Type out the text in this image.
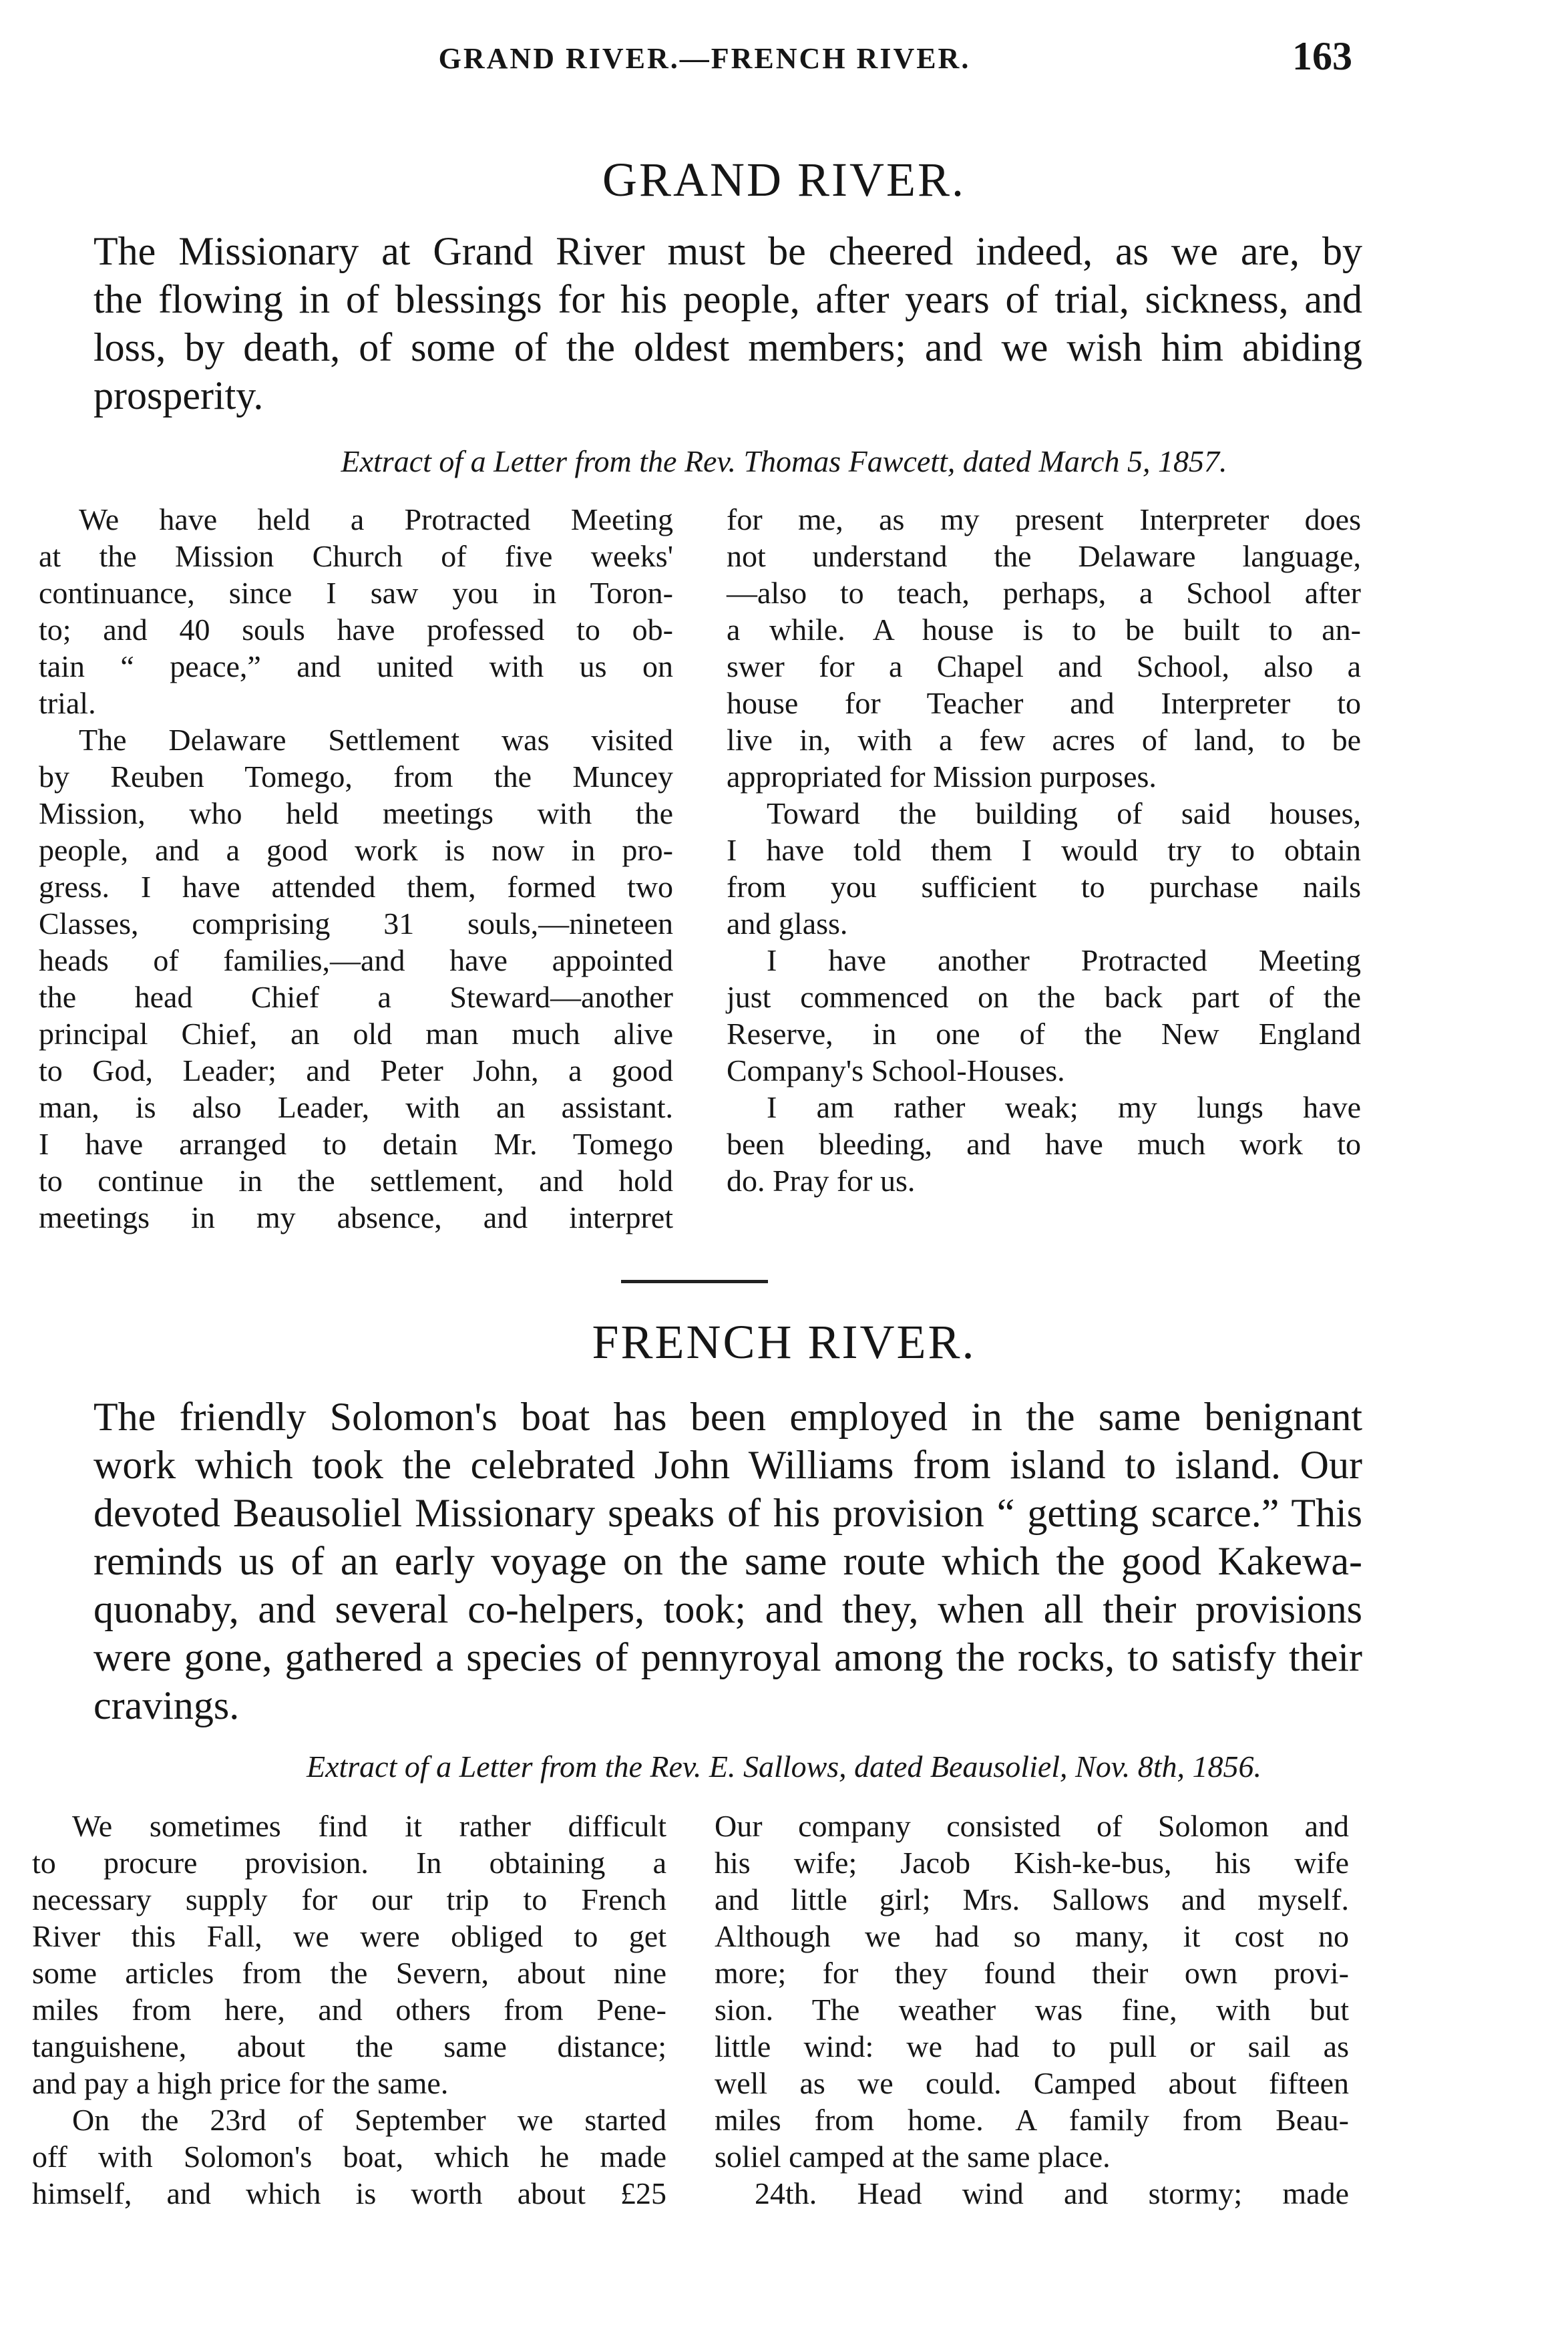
GRAND RIVER.—FRENCH RIVER.	163
GRAND RIVER.
The Missionary at Grand River must be cheered indeed, as we are, by
the flowing in of blessings for his people, after years of trial, sickness, and
loss, by death, of some of the oldest members; and we wish him abiding
prosperity.
Extract of a Letter from the Rev. Thomas Fawcett, dated March 5, 1857.
We have held a Protracted Meeting
at the Mission Church of five weeks'
continuance, since I saw you in Toron-
to; and 40 souls have professed to ob-
tain “ peace,” and united with us on
trial.
The Delaware Settlement was visited
by Reuben Tomego, from the Muncey
Mission, who held meetings with the
people, and a good work is now in pro-
gress. I have attended them, formed two
Classes, comprising 31 souls,—nineteen
heads of families,—and have appointed
the head Chief a Steward—another
principal Chief, an old man much alive
to God, Leader; and Peter John, a good
man, is also Leader, with an assistant.
I have arranged to detain Mr. Tomego
to continue in the settlement, and hold
meetings in my absence, and interpret
for me, as my present Interpreter does
not understand the Delaware language,
—also to teach, perhaps, a School after
a while. A house is to be built to an-
swer for a Chapel and School, also a
house for Teacher and Interpreter to
live in, with a few acres of land, to be
appropriated for Mission purposes.
Toward the building of said houses,
I have told them I would try to obtain
from you sufficient to purchase nails
and glass.
I have another Protracted Meeting
just commenced on the back part of the
Reserve, in one of the New England
Company's School-Houses.
I am rather weak; my lungs have
been bleeding, and have much work to
do. Pray for us.
FRENCH RIVER.
The friendly Solomon's boat has been employed in the same benignant
work which took the celebrated John Williams from island to island. Our
devoted Beausoliel Missionary speaks of his provision “ getting scarce.” This
reminds us of an early voyage on the same route which the good Kakewa-
quonaby, and several co-helpers, took; and they, when all their provisions
were gone, gathered a species of pennyroyal among the rocks, to satisfy their
cravings.
Extract of a Letter from the Rev. E. Sallows, dated Beausoliel, Nov. 8th, 1856.
We sometimes find it rather difficult
to procure provision. In obtaining a
necessary supply for our trip to French
River this Fall, we were obliged to get
some articles from the Severn, about nine
miles from here, and others from Pene-
tanguishene, about the same distance;
and pay a high price for the same.
On the 23rd of September we started
off with Solomon's boat, which he made
himself, and which is worth about £25
Our company consisted of Solomon and
his wife; Jacob Kish-ke-bus, his wife
and little girl; Mrs. Sallows and myself.
Although we had so many, it cost no
more; for they found their own provi-
sion. The weather was fine, with but
little wind: we had to pull or sail as
well as we could. Camped about fifteen
miles from home. A family from Beau-
soliel camped at the same place.
24th. Head wind and stormy; made
